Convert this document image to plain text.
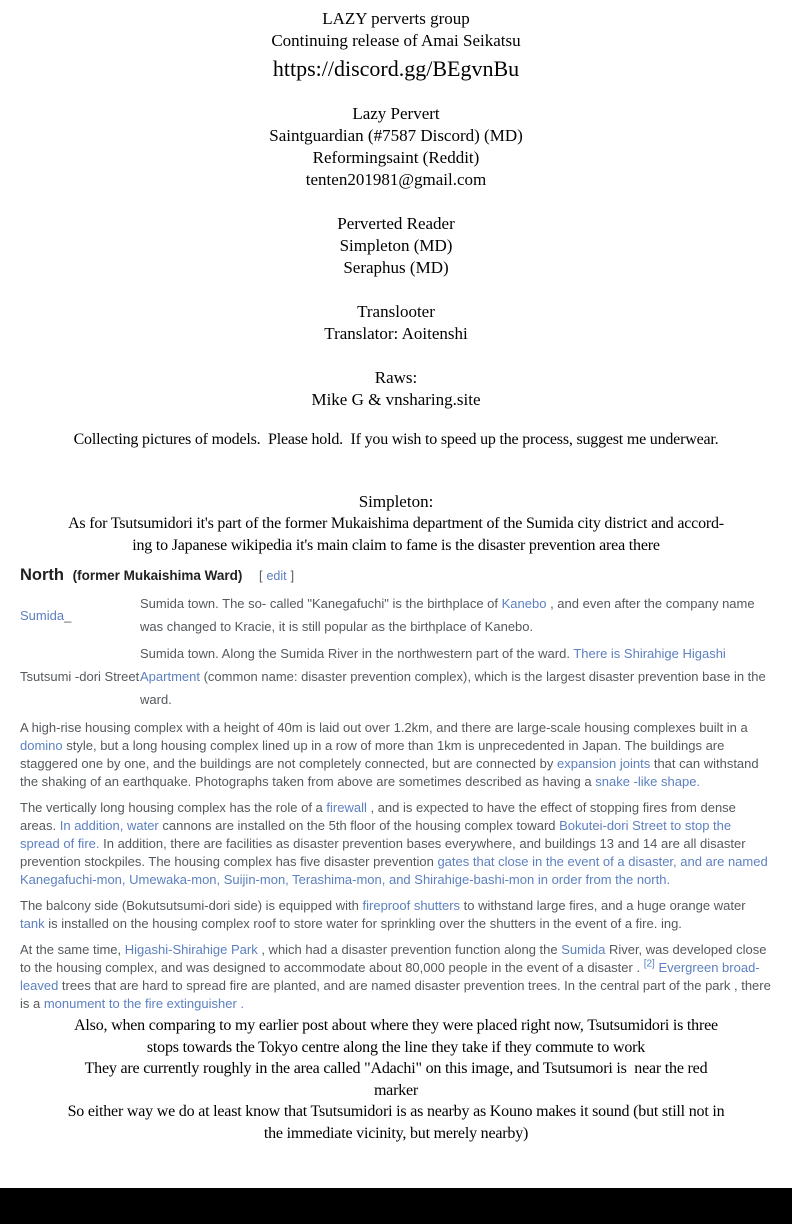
LAZY perverts group
Continuing release of Amai Seikatsu
https://discord.gg/BEgvnBu
Lazy Pervert
Saintguardian (#7587 Discord) (MD)
Reformingsaint (Reddit)
tenten201981@gmail.com
Perverted Reader
Simpleton (MD)
Seraphus (MD)
Translooter
Translator: Aoitenshi
Raws:
Mike G & vnsharing.site
Collecting pictures of models.  Please hold.  If you wish to speed up the process, suggest me underwear.
Simpleton:
As for Tsutsumidori it's part of the former Mukaishima department of the Sumida city district and accord-
ing to Japanese wikipedia it's main claim to fame is the disaster prevention area there
North (former Mukaishima Ward) [ edit ]
Sumida _
Sumida town. The so- called "Kanegafuchi" is the birthplace of Kanebo , and even after the company name was changed to Kracie, it is still popular as the birthplace of Kanebo.
Tsutsumi -dori Street
Sumida town. Along the Sumida River in the northwestern part of the ward. There is Shirahige Higashi Apartment (common name: disaster prevention complex), which is the largest disaster prevention base in the ward.

A high-rise housing complex with a height of 40m is laid out over 1.2km, and there are large-scale housing complexes built in a domino style, but a long housing complex lined up in a row of more than 1km is unprecedented in Japan. The buildings are staggered one by one, and the buildings are not completely connected, but are connected by expansion joints that can withstand the shaking of an earthquake. Photographs taken from above are sometimes described as having a snake -like shape.

The vertically long housing complex has the role of a firewall , and is expected to have the effect of stopping fires from dense areas. In addition, water cannons are installed on the 5th floor of the housing complex toward Bokutei-dori Street to stop the spread of fire. In addition, there are facilities as disaster prevention bases everywhere, and buildings 13 and 14 are all disaster prevention stockpiles. The housing complex has five disaster prevention gates that close in the event of a disaster, and are named Kanegafuchi-mon, Umewaka-mon, Suijin-mon, Terashima-mon, and Shirahige-bashi-mon in order from the north.

The balcony side (Bokutsutsumi-dori side) is equipped with fireproof shutters to withstand large fires, and a huge orange water tank is installed on the housing complex roof to store water for sprinkling over the shutters in the event of a fire. ing.

At the same time, Higashi-Shirahige Park , which had a disaster prevention function along the Sumida River, was developed close to the housing complex, and was designed to accommodate about 80,000 people in the event of a disaster . [2] Evergreen broad-leaved trees that are hard to spread fire are planted, and are named disaster prevention trees. In the central part of the park , there is a monument to the fire extinguisher .

Also, when comparing to my earlier post about where they were placed right now, Tsutsumidori is three
stops towards the Tokyo centre along the line they take if they commute to work
They are currently roughly in the area called "Adachi" on this image, and Tsutsumori is  near the red
marker
So either way we do at least know that Tsutsumidori is as nearby as Kouno makes it sound (but still not in
the immediate vicinity, but merely nearby)
